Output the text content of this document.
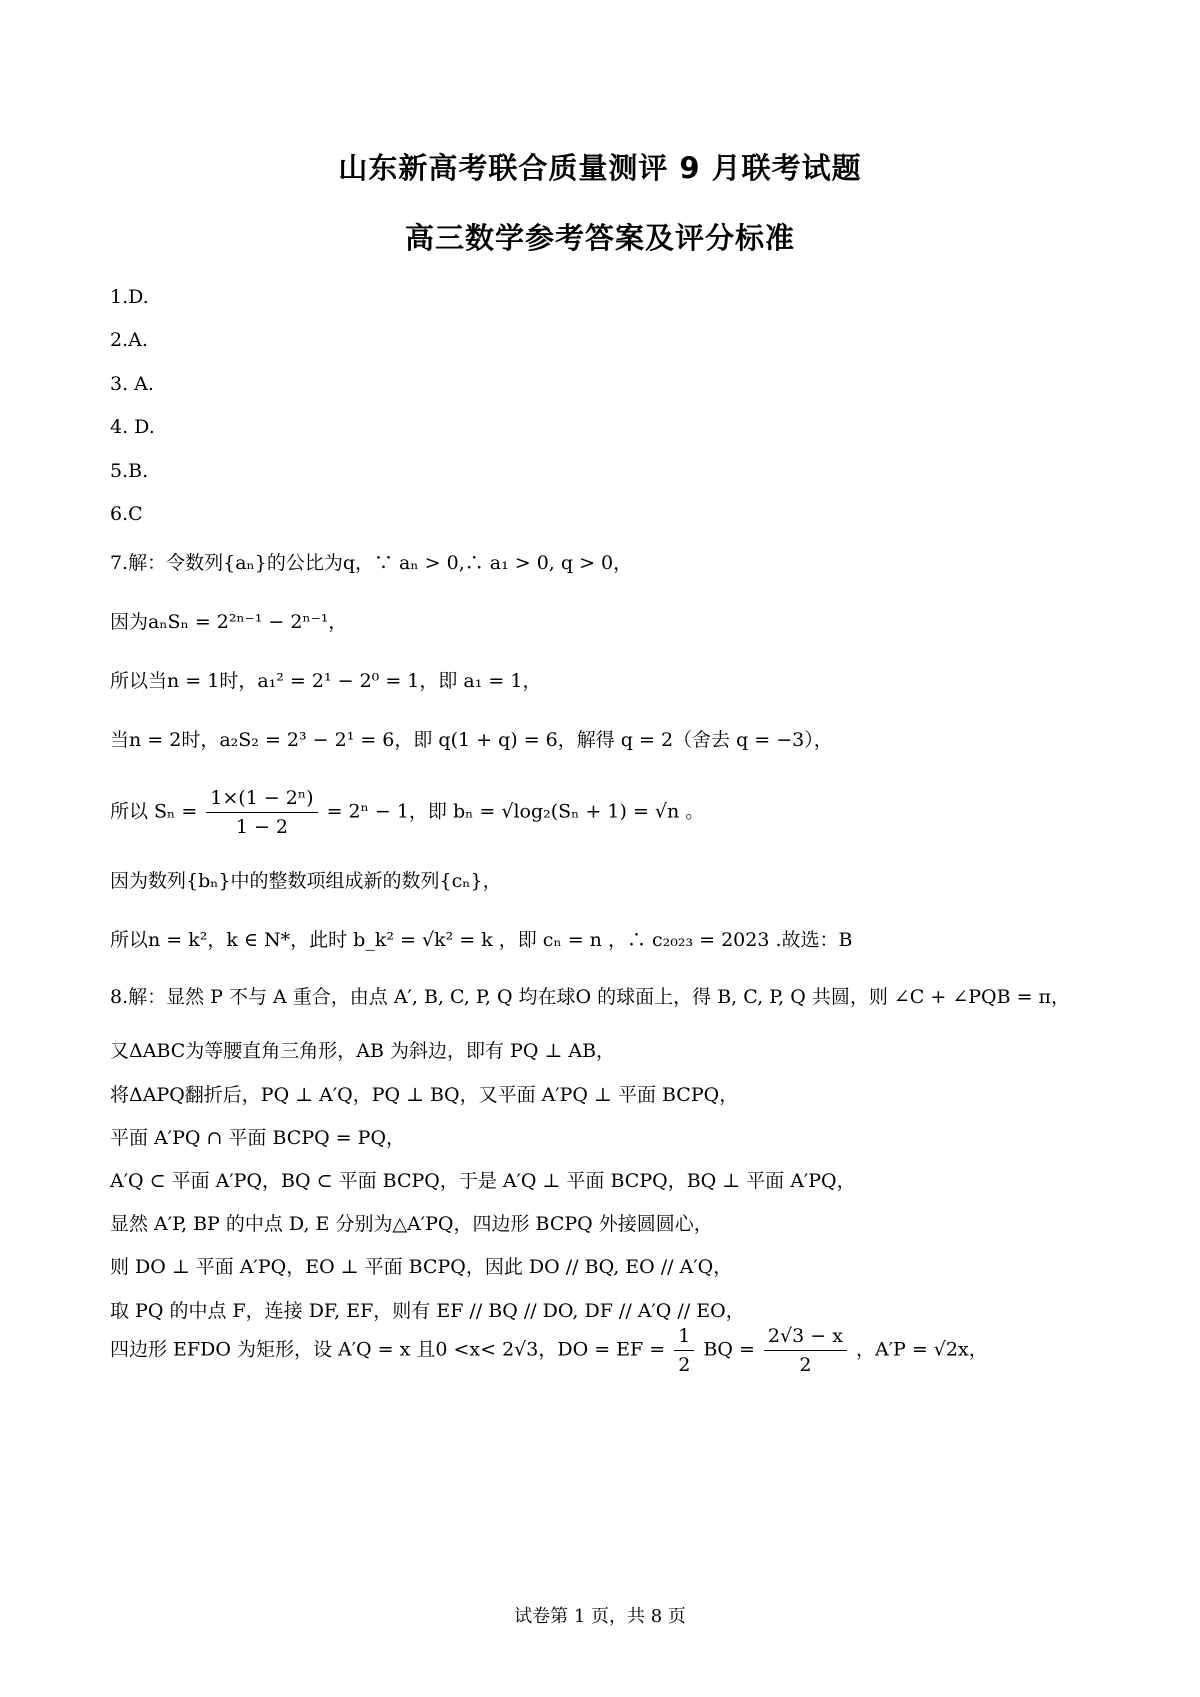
山东新高考联合质量测评 9 月联考试题
高三数学参考答案及评分标准
1.D.
2.A.
3. A.
4. D.
5.B.
6.C
7.解：令数列{aₙ}的公比为q，∵ aₙ > 0,∴ a₁ > 0, q > 0，
因为aₙSₙ = 2²ⁿ⁻¹ − 2ⁿ⁻¹，
所以当n = 1时，a₁² = 2¹ − 2⁰ = 1，即 a₁ = 1，
当n = 2时，a₂S₂ = 2³ − 2¹ = 6，即 q(1 + q) = 6，解得 q = 2（舍去 q = −3），
所以 $S_n = \frac{\text{1×(1 − 2ⁿ)}}{1 - 2} = 2^n - 1$，即 bₙ = √log₂(Sₙ + 1) = √n 。
因为数列{bₙ}中的整数项组成新的数列{cₙ}，
所以n = k²，k ∈ N*，此时 b_k² = √k² = k ，即 cₙ = n ，∴ c₂₀₂₃ = 2023 .故选：B
8.解：显然 P 不与 A 重合，由点 A′, B, C, P, Q 均在球O 的球面上，得 B, C, P, Q 共圆，则 ∠C + ∠PQB = π，
又ΔABC为等腰直角三角形，AB 为斜边，即有 PQ ⊥ AB，
将ΔAPQ翻折后，PQ ⊥ A′Q，PQ ⊥ BQ，又平面 A′PQ ⊥ 平面 BCPQ，
平面 A′PQ ∩ 平面 BCPQ = PQ，
A′Q ⊂ 平面 A′PQ，BQ ⊂ 平面 BCPQ，于是 A′Q ⊥ 平面 BCPQ，BQ ⊥ 平面 A′PQ，
显然 A′P, BP 的中点 D, E 分别为△A′PQ，四边形 BCPQ 外接圆圆心，
则 DO ⊥ 平面 A′PQ，EO ⊥ 平面 BCPQ，因此 DO // BQ, EO // A′Q，
取 PQ 的中点 F，连接 DF, EF，则有 EF // BQ // DO, DF // A′Q // EO，
四边形 EFDO 为矩形，设 A′Q = x 且0 <x< 2√3，DO = EF = $\frac{1}{2}$ BQ = $\frac{2√3 - x}{2}$ ，A′P = √2x，
试卷第 1 页，共 8 页
